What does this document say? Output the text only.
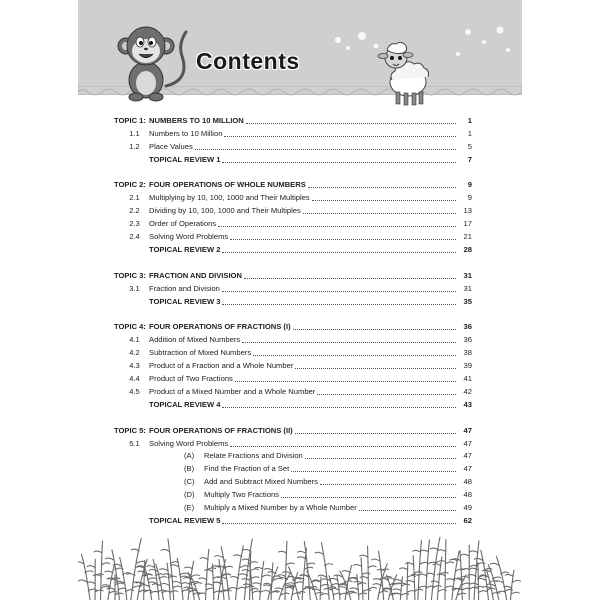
Contents
TOPIC 1: NUMBERS TO 10 MILLION	1
1.1	Numbers to 10 Million	1
1.2	Place Values	5
TOPICAL REVIEW 1	7
TOPIC 2: FOUR OPERATIONS OF WHOLE NUMBERS	9
2.1	Multiplying by 10, 100, 1000 and Their Multiples	9
2.2	Dividing by 10, 100, 1000 and Their Multiples	13
2.3	Order of Operations	17
2.4	Solving Word Problems	21
TOPICAL REVIEW 2	28
TOPIC 3: FRACTION AND DIVISION	31
3.1	Fraction and Division	31
TOPICAL REVIEW 3	35
TOPIC 4: FOUR OPERATIONS OF FRACTIONS (I)	36
4.1	Addition of Mixed Numbers	36
4.2	Subtraction of Mixed Numbers	38
4.3	Product of a Fraction and a Whole Number	39
4.4	Product of Two Fractions	41
4.5	Product of a Mixed Number and a Whole Number	42
TOPICAL REVIEW 4	43
TOPIC 5: FOUR OPERATIONS OF FRACTIONS (II)	47
5.1	Solving Word Problems	47
(A)	Relate Fractions and Division	47
(B)	Find the Fraction of a Set	47
(C)	Add and Subtract Mixed Numbers	48
(D)	Multiply Two Fractions	48
(E)	Multiply a Mixed Number by a Whole Number	49
TOPICAL REVIEW 5	62
